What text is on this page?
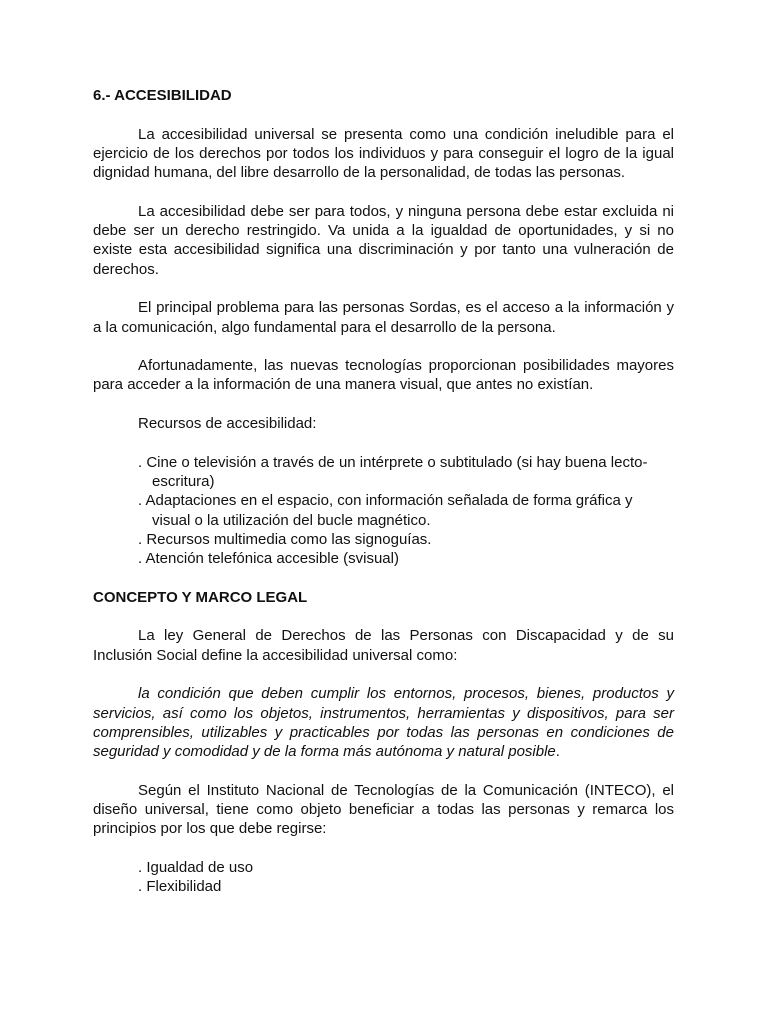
6.- ACCESIBILIDAD

La accesibilidad universal se presenta como una condición ineludible para el ejercicio de los derechos por todos los individuos y para conseguir el logro de la igual dignidad humana, del libre desarrollo de la personalidad, de todas las personas.

La accesibilidad debe ser para todos, y ninguna persona debe estar excluida ni debe ser un derecho restringido. Va unida a la igualdad de oportunidades, y si no existe esta accesibilidad significa una discriminación y por tanto una vulneración de derechos.

El principal problema para las personas Sordas, es el acceso a la información y a la comunicación, algo fundamental para el desarrollo de la persona.

Afortunadamente, las nuevas tecnologías proporcionan posibilidades mayores para acceder a la información de una manera visual, que antes no existían.

Recursos de accesibilidad:

. Cine o televisión a través de un intérprete o subtitulado (si hay buena lecto-escritura)
. Adaptaciones en el espacio, con información señalada de forma gráfica y visual o la utilización del bucle magnético.
. Recursos multimedia como las signoguías.
. Atención telefónica accesible (svisual)

CONCEPTO Y MARCO LEGAL

La ley General de Derechos de las Personas con Discapacidad y de su Inclusión Social define la accesibilidad universal como:

la condición que deben cumplir los entornos, procesos, bienes, productos y servicios, así como los objetos, instrumentos, herramientas y dispositivos, para ser comprensibles, utilizables y practicables por todas las personas en condiciones de seguridad y comodidad y de la forma más autónoma y natural posible.

Según el Instituto Nacional de Tecnologías de la Comunicación (INTECO), el diseño universal, tiene como objeto beneficiar a todas las personas y remarca los principios por los que debe regirse:

. Igualdad de uso
. Flexibilidad
